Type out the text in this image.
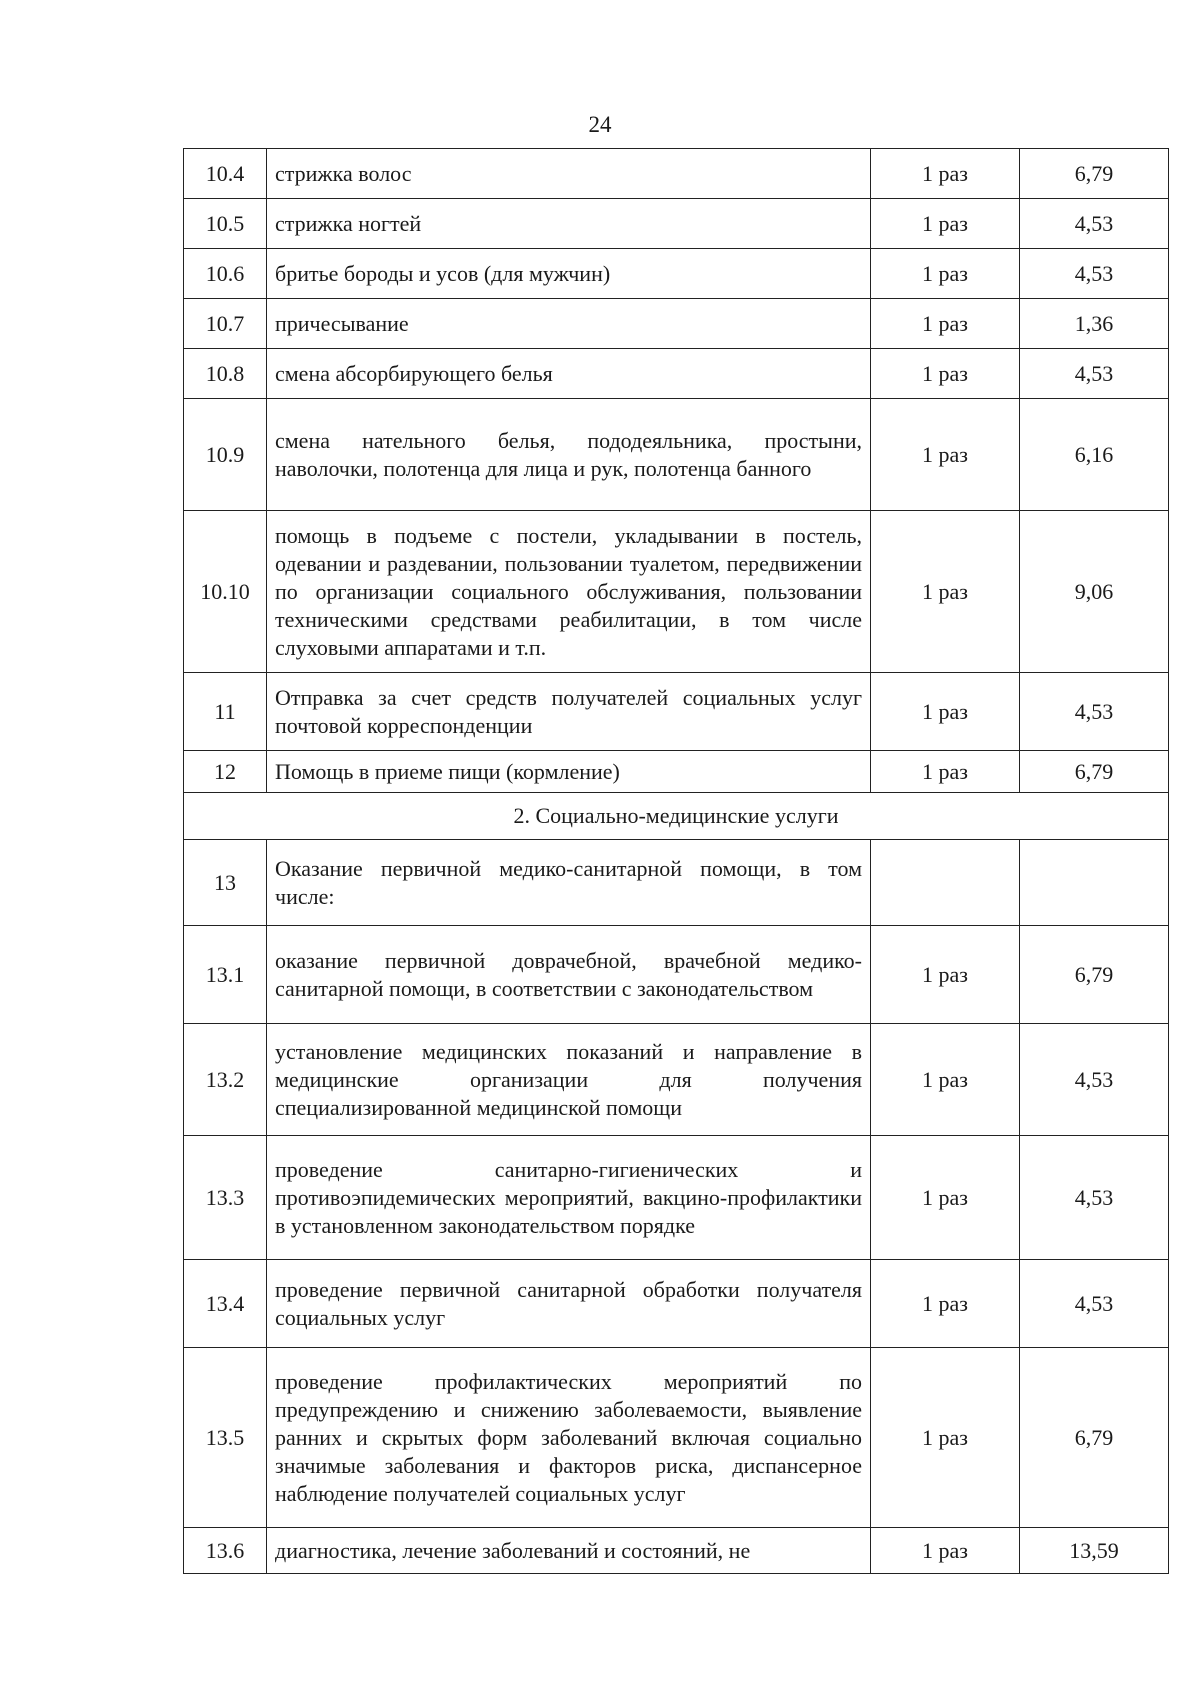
24
10.4	стрижка волос	1 раз	6,79
10.5	стрижка ногтей	1 раз	4,53
10.6	бритье бороды и усов (для мужчин)	1 раз	4,53
10.7	причесывание	1 раз	1,36
10.8	смена абсорбирующего белья	1 раз	4,53
10.9	смена нательного белья, пододеяльника, простыни, наволочки, полотенца для лица и рук, полотенца банного	1 раз	6,16
10.10	помощь в подъеме с постели, укладывании в постель, одевании и раздевании, пользовании туалетом, передвижении по организации социального обслуживания, пользовании техническими средствами реабилитации, в том числе слуховыми аппаратами и т.п.	1 раз	9,06
11	Отправка за счет средств получателей социальных услуг почтовой корреспонденции	1 раз	4,53
12	Помощь в приеме пищи (кормление)	1 раз	6,79
2. Социально-медицинские услуги			
13	Оказание первичной медико-санитарной помощи, в том числе:		
13.1	оказание первичной доврачебной, врачебной медико-санитарной помощи, в соответствии с законодательством	1 раз	6,79
13.2	установление медицинских показаний и направление в медицинские организации для получения специализированной медицинской помощи	1 раз	4,53
13.3	проведение санитарно-гигиенических и противоэпидемических мероприятий, вакцино-профилактики в установленном законодательством порядке	1 раз	4,53
13.4	проведение первичной санитарной обработки получателя социальных услуг	1 раз	4,53
13.5	проведение профилактических мероприятий по предупреждению и снижению заболеваемости, выявление ранних и скрытых форм заболеваний включая социально значимые заболевания и факторов риска, диспансерное наблюдение получателей социальных услуг	1 раз	6,79
13.6	диагностика, лечение заболеваний и состояний, не	1 раз	13,59
